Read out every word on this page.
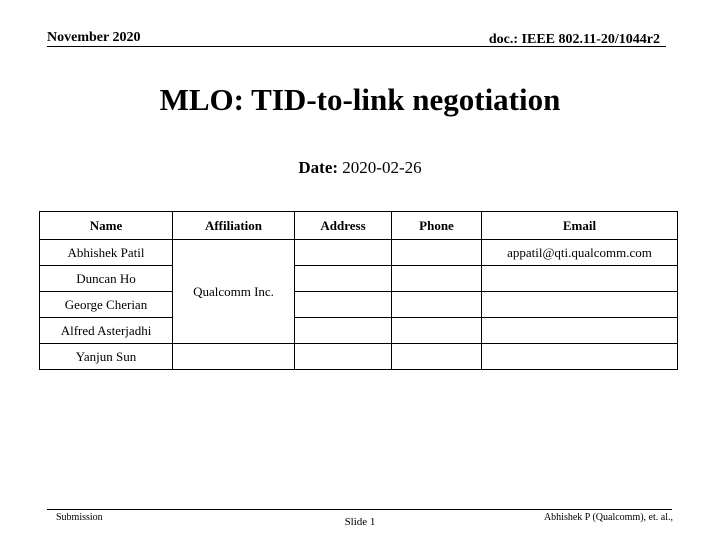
November 2020	doc.: IEEE 802.11-20/1044r2
MLO: TID-to-link negotiation
Date: 2020-02-26
Name	Affiliation	Address	Phone	Email
Abhishek Patil	Qualcomm Inc.			appatil@qti.qualcomm.com
Duncan Ho				
George Cherian				
Alfred Asterjadhi				
Yanjun Sun				
Submission	Slide 1	Abhishek P (Qualcomm), et. al.,
